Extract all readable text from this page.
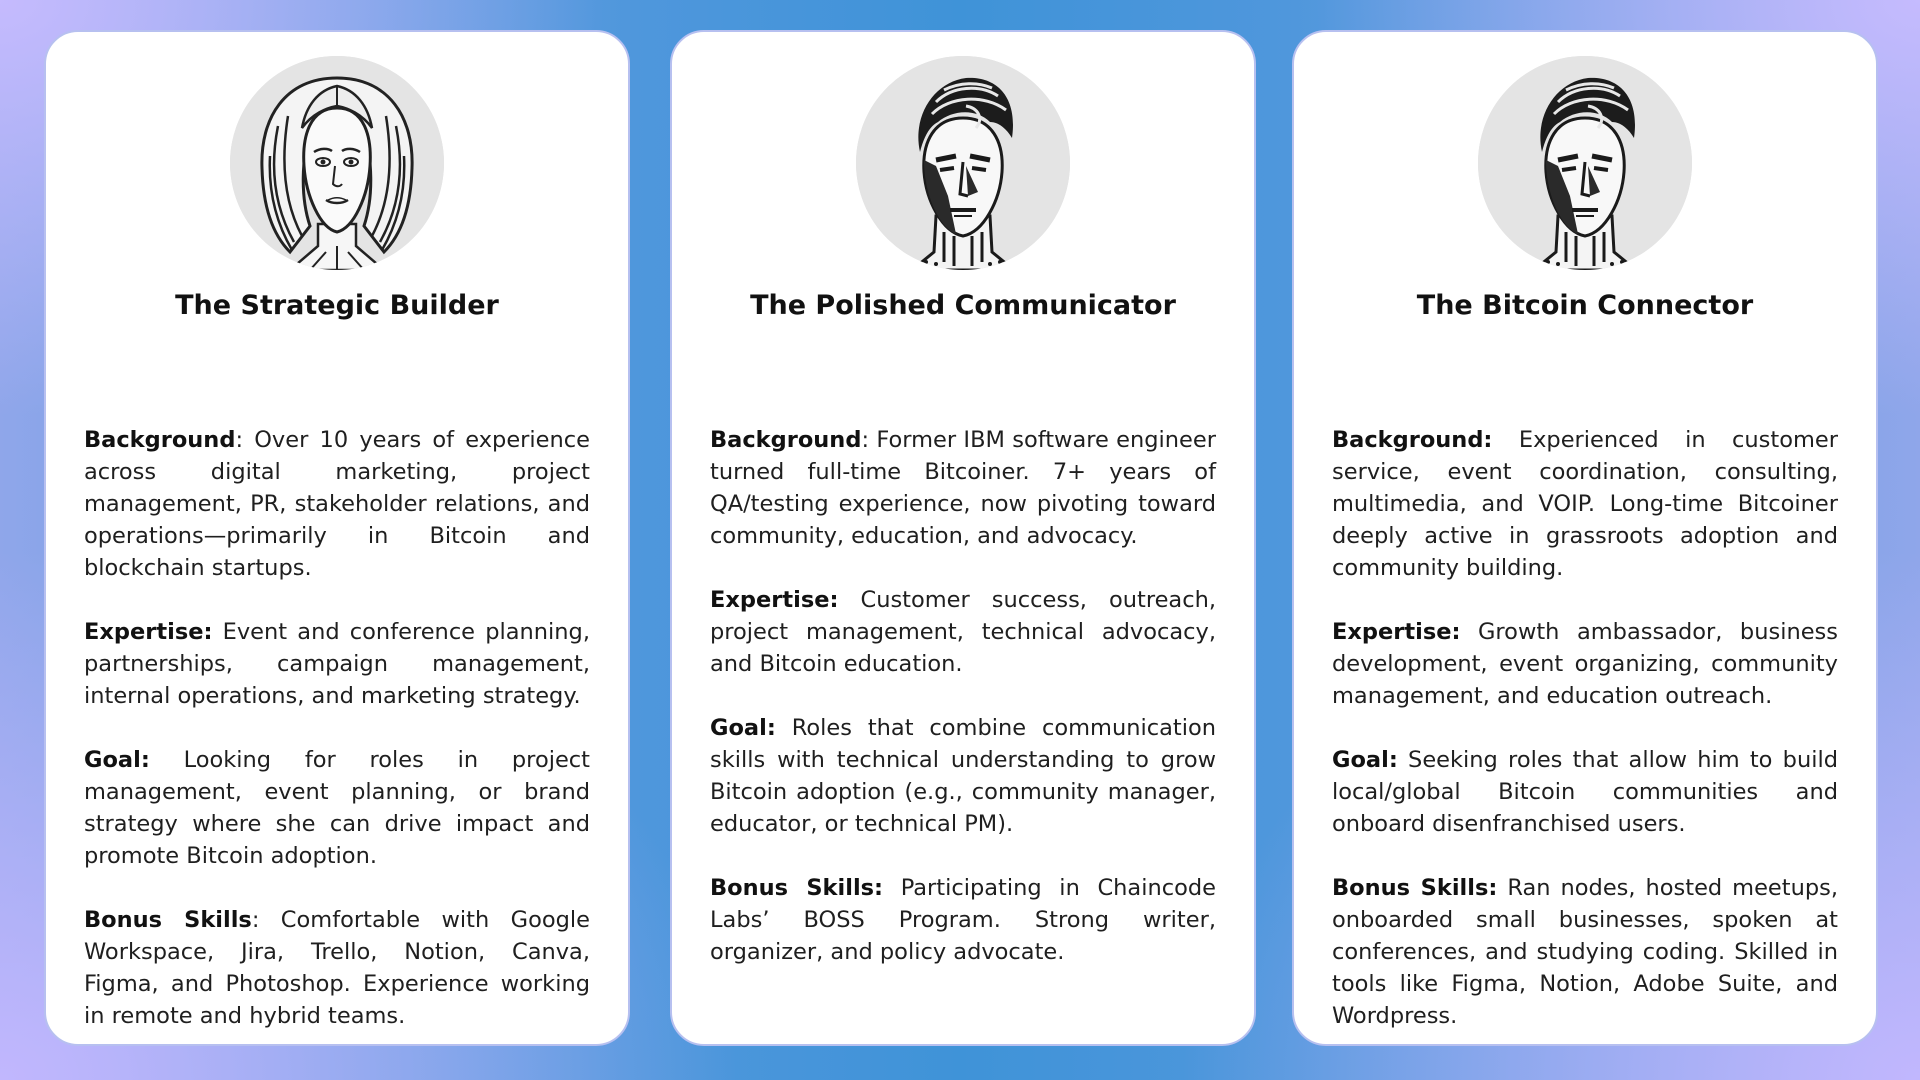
The Strategic Builder

Background: Over 10 years of experience across digital marketing, project management, PR, stakeholder relations, and operations—primarily in Bitcoin and blockchain startups.

Expertise: Event and conference planning, partnerships, campaign management, internal operations, and marketing strategy.

Goal: Looking for roles in project management, event planning, or brand strategy where she can drive impact and promote Bitcoin adoption.

Bonus Skills: Comfortable with Google Workspace, Jira, Trello, Notion, Canva, Figma, and Photoshop. Experience working in remote and hybrid teams.

The Polished Communicator

Background: Former IBM software engineer turned full-time Bitcoiner. 7+ years of QA/testing experience, now pivoting toward community, education, and advocacy.

Expertise: Customer success, outreach, project management, technical advocacy, and Bitcoin education.

Goal: Roles that combine communication skills with technical understanding to grow Bitcoin adoption (e.g., community manager, educator, or technical PM).

Bonus Skills: Participating in Chaincode Labs’ BOSS Program. Strong writer, organizer, and policy advocate.

The Bitcoin Connector

Background: Experienced in customer service, event coordination, consulting, multimedia, and VOIP. Long-time Bitcoiner deeply active in grassroots adoption and community building.

Expertise: Growth ambassador, business development, event organizing, community management, and education outreach.

Goal: Seeking roles that allow him to build local/global Bitcoin communities and onboard disenfranchised users.

Bonus Skills: Ran nodes, hosted meetups, onboarded small businesses, spoken at conferences, and studying coding. Skilled in tools like Figma, Notion, Adobe Suite, and Wordpress.
